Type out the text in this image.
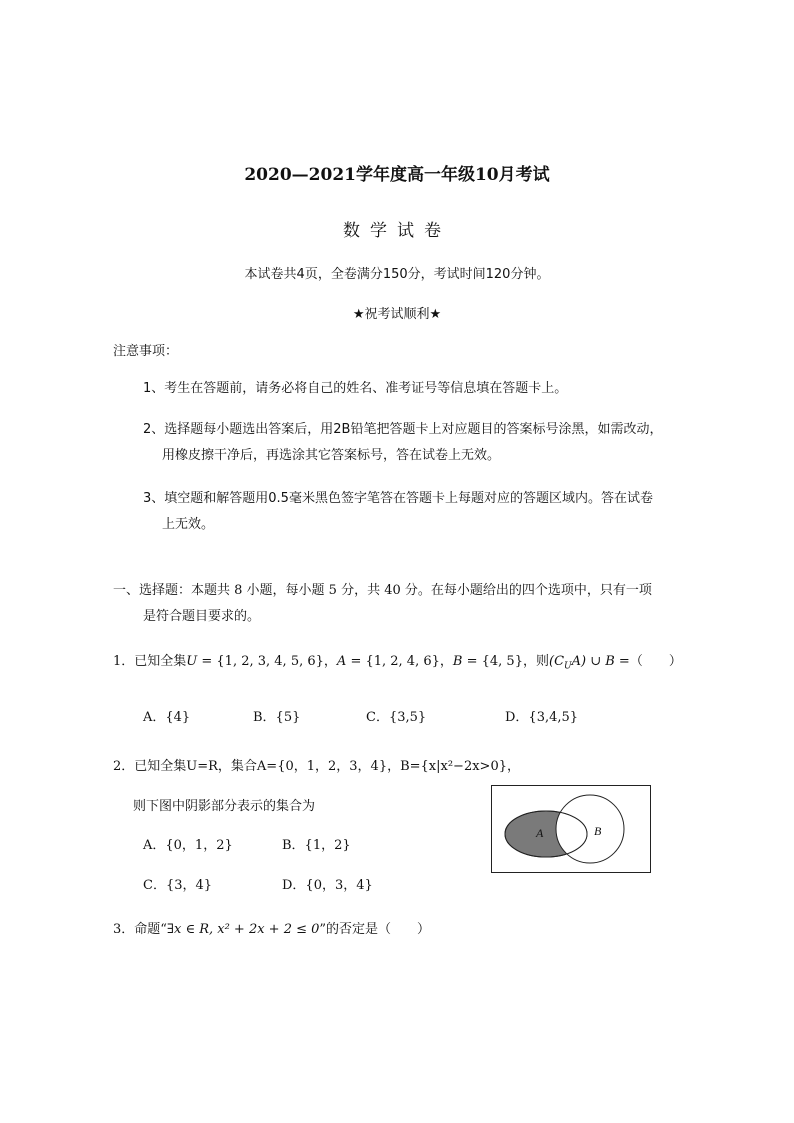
2020—2021学年度高一年级10月考试
数学试卷
本试卷共4页，全卷满分150分，考试时间120分钟。
★祝考试顺利★
注意事项：
1、考生在答题前，请务必将自己的姓名、准考证号等信息填在答题卡上。
2、选择题每小题选出答案后，用2B铅笔把答题卡上对应题目的答案标号涂黑，如需改动，
用橡皮擦干净后，再选涂其它答案标号，答在试卷上无效。
3、填空题和解答题用0.5毫米黑色签字笔答在答题卡上每题对应的答题区域内。答在试卷
上无效。
一、选择题：本题共 8 小题，每小题 5 分，共 40 分。在每小题给出的四个选项中，只有一项
是符合题目要求的。
1．已知全集U = {1, 2, 3, 4, 5, 6}，A = {1, 2, 4, 6}，B = {4, 5}，则$(C_UA)$ ∪ B =（　　）
A．{4}	B．{5}	C．{3,5}	D．{3,4,5}
2．已知全集U=R，集合A={0，1，2，3，4}，B={x|x²−2x>0}，
则下图中阴影部分表示的集合为
A．{0，1，2}	B．{1，2}
C．{3，4}	D．{0，3，4}
A	B
3．命题“∃x ∈ R, x² + 2x + 2 ≤ 0”的否定是（　　）
